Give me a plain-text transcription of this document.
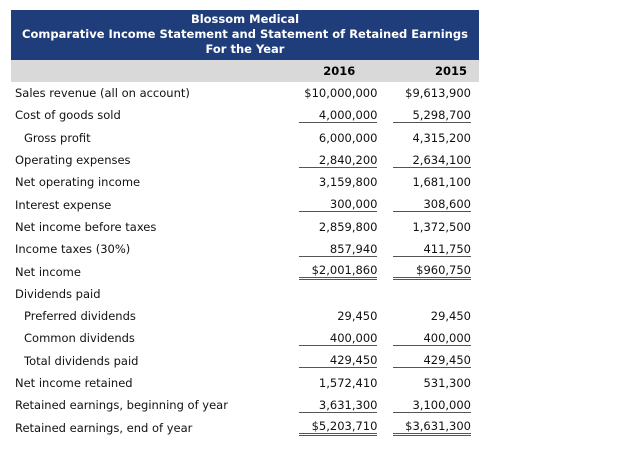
Blossom Medical
Comparative Income Statement and Statement of Retained Earnings
For the Year
2016	2015
Sales revenue (all on account)	$10,000,000	$9,613,900
Cost of goods sold	4,000,000	5,298,700
Gross profit	6,000,000	4,315,200
Operating expenses	2,840,200	2,634,100
Net operating income	3,159,800	1,681,100
Interest expense	300,000	308,600
Net income before taxes	2,859,800	1,372,500
Income taxes (30%)	857,940	411,750
Net income	$2,001,860	$960,750
Dividends paid		
Preferred dividends	29,450	29,450
Common dividends	400,000	400,000
Total dividends paid	429,450	429,450
Net income retained	1,572,410	531,300
Retained earnings, beginning of year	3,631,300	3,100,000
Retained earnings, end of year	$5,203,710	$3,631,300
